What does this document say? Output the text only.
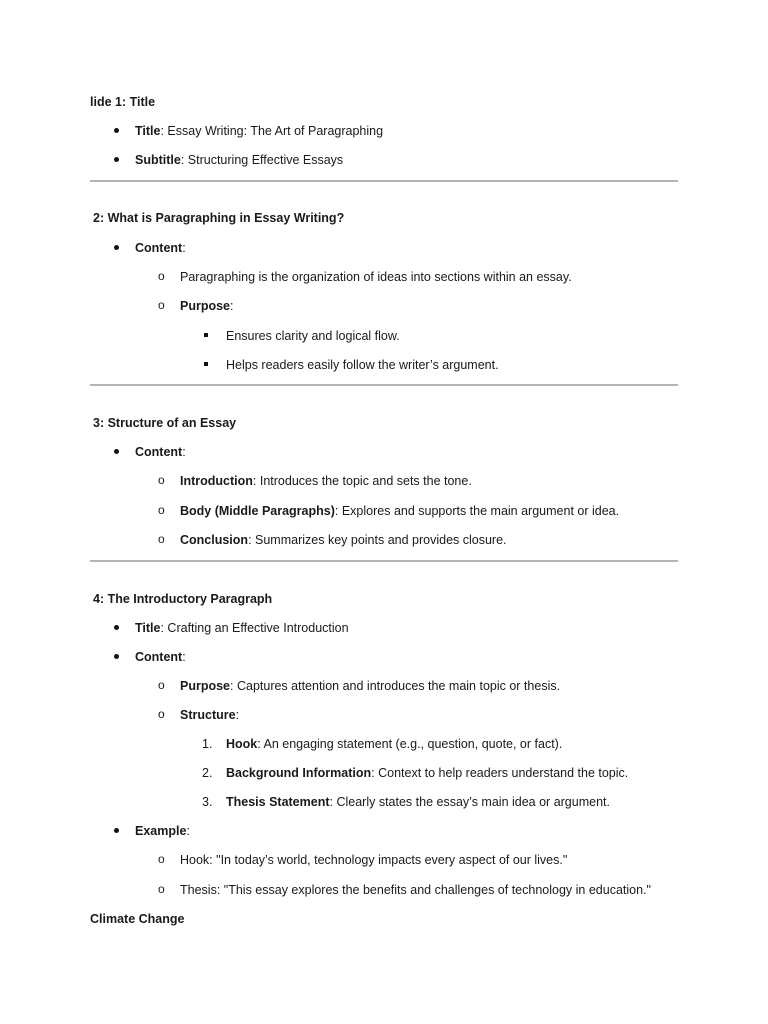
lide 1: Title
Title: Essay Writing: The Art of Paragraphing
Subtitle: Structuring Effective Essays
2: What is Paragraphing in Essay Writing?
Content:
o Paragraphing is the organization of ideas into sections within an essay.
o Purpose:
Ensures clarity and logical flow.
Helps readers easily follow the writer’s argument.
3: Structure of an Essay
Content:
o Introduction: Introduces the topic and sets the tone.
o Body (Middle Paragraphs): Explores and supports the main argument or idea.
o Conclusion: Summarizes key points and provides closure.
4: The Introductory Paragraph
Title: Crafting an Effective Introduction
Content:
o Purpose: Captures attention and introduces the main topic or thesis.
o Structure:
1. Hook: An engaging statement (e.g., question, quote, or fact).
2. Background Information: Context to help readers understand the topic.
3. Thesis Statement: Clearly states the essay’s main idea or argument.
Example:
o Hook: "In today’s world, technology impacts every aspect of our lives."
o Thesis: "This essay explores the benefits and challenges of technology in education."
Climate Change
